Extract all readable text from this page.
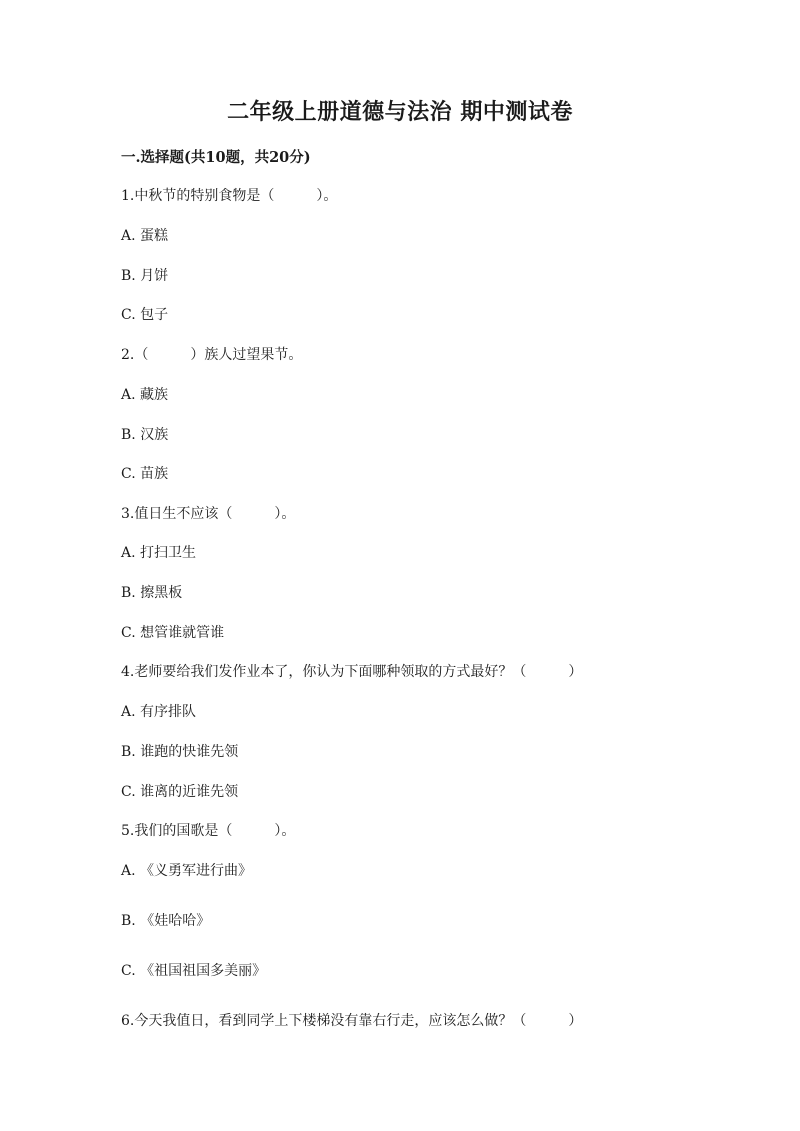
二年级上册道德与法治 期中测试卷
一.选择题(共10题，共20分)
1.中秋节的特别食物是（　　　）。
A. 蛋糕
B. 月饼
C. 包子
2.（　　　）族人过望果节。
A. 藏族
B. 汉族
C. 苗族
3.值日生不应该（　　　）。
A. 打扫卫生
B. 擦黑板
C. 想管谁就管谁
4.老师要给我们发作业本了，你认为下面哪种领取的方式最好？（　　　）
A. 有序排队
B. 谁跑的快谁先领
C. 谁离的近谁先领
5.我们的国歌是（　　　）。
A. 《义勇军进行曲》
B. 《娃哈哈》
C. 《祖国祖国多美丽》
6.今天我值日，看到同学上下楼梯没有靠右行走，应该怎么做？（　　　）
